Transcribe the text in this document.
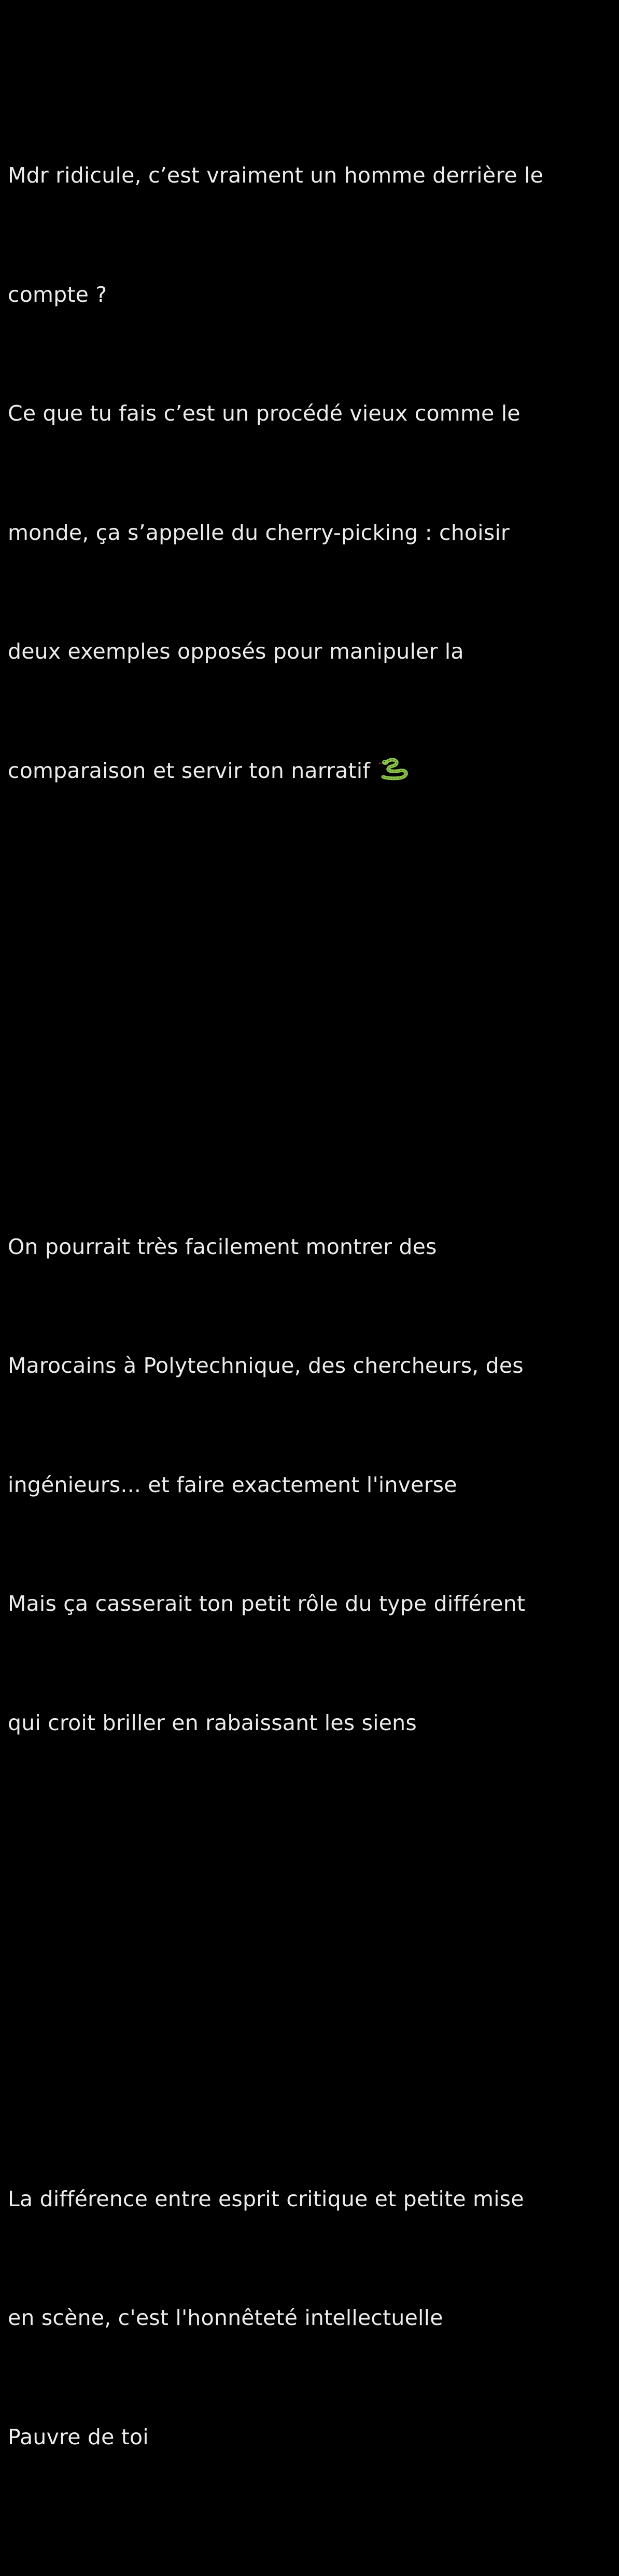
Mdr ridicule, c’est vraiment un homme derrière le

compte ?

Ce que tu fais c’est un procédé vieux comme le

monde, ça s’appelle du cherry-picking : choisir

deux exemples opposés pour manipuler la

comparaison et servir ton narratif

On pourrait très facilement montrer des

Marocains à Polytechnique, des chercheurs, des

ingénieurs... et faire exactement l'inverse

Mais ça casserait ton petit rôle du type différent

qui croit briller en rabaissant les siens

La différence entre esprit critique et petite mise

en scène, c'est l'honnêteté intellectuelle

Pauvre de toi
